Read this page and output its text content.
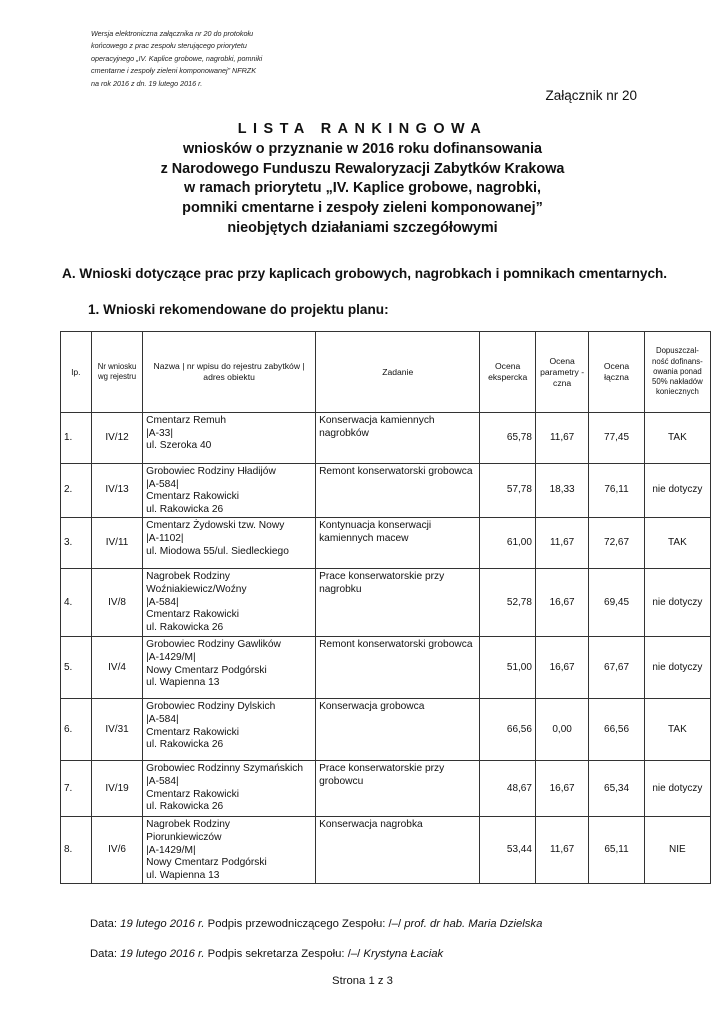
Wersja elektroniczna załącznika nr 20 do protokołu
końcowego z prac zespołu sterującego priorytetu
operacyjnego „IV. Kaplice grobowe, nagrobki, pomniki
cmentarne i zespoły zieleni komponowanej” NFRZK
na rok 2016 z dn. 19 lutego 2016 r.
Załącznik nr 20
LISTA RANKINGOWA
wniosków o przyznanie w 2016 roku dofinansowania
z Narodowego Funduszu Rewaloryzacji Zabytków Krakowa
w ramach priorytetu „IV. Kaplice grobowe, nagrobki,
pomniki cmentarne i zespoły zieleni komponowanej”
nieobjętych działaniami szczegółowymi
A. Wnioski dotyczące prac przy kaplicach grobowych, nagrobkach i pomnikach cmentarnych.
1. Wnioski rekomendowane do projektu planu:
lp.	Nr wniosku wg rejestru	Nazwa | nr wpisu do rejestru zabytków | adres obiektu	Zadanie	Ocena ekspercka	Ocena parametry -czna	Ocena łączna	Dopuszczal-ność dofinans-owania ponad 50% nakładów koniecznych
1.	IV/12	Cmentarz Remuh
|A-33|
ul. Szeroka 40	Konserwacja kamiennych nagrobków	65,78	11,67	77,45	TAK
2.	IV/13	Grobowiec Rodziny Hładijów
|A-584|
Cmentarz Rakowicki
ul. Rakowicka 26	Remont konserwatorski grobowca	57,78	18,33	76,11	nie dotyczy
3.	IV/11	Cmentarz Żydowski tzw. Nowy
|A-1102|
ul. Miodowa 55/ul. Siedleckiego	Kontynuacja konserwacji kamiennych macew	61,00	11,67	72,67	TAK
4.	IV/8	Nagrobek Rodziny
Woźniakiewicz/Woźny
|A-584|
Cmentarz Rakowicki
ul. Rakowicka 26	Prace konserwatorskie przy nagrobku	52,78	16,67	69,45	nie dotyczy
5.	IV/4	Grobowiec Rodziny Gawlików
|A-1429/M|
Nowy Cmentarz Podgórski
ul. Wapienna 13	Remont konserwatorski grobowca	51,00	16,67	67,67	nie dotyczy
6.	IV/31	Grobowiec Rodziny Dylskich
|A-584|
Cmentarz Rakowicki
ul. Rakowicka 26	Konserwacja grobowca	66,56	0,00	66,56	TAK
7.	IV/19	Grobowiec Rodzinny Szymańskich
|A-584|
Cmentarz Rakowicki
ul. Rakowicka 26	Prace konserwatorskie przy grobowcu	48,67	16,67	65,34	nie dotyczy
8.	IV/6	Nagrobek Rodziny
Piorunkiewiczów
|A-1429/M|
Nowy Cmentarz Podgórski
ul. Wapienna 13	Konserwacja nagrobka	53,44	11,67	65,11	NIE
Data: 19 lutego 2016 r. Podpis przewodniczącego Zespołu: /–/ prof. dr hab. Maria Dzielska
Data: 19 lutego 2016 r. Podpis sekretarza Zespołu: /–/ Krystyna Łaciak
Strona 1 z 3
